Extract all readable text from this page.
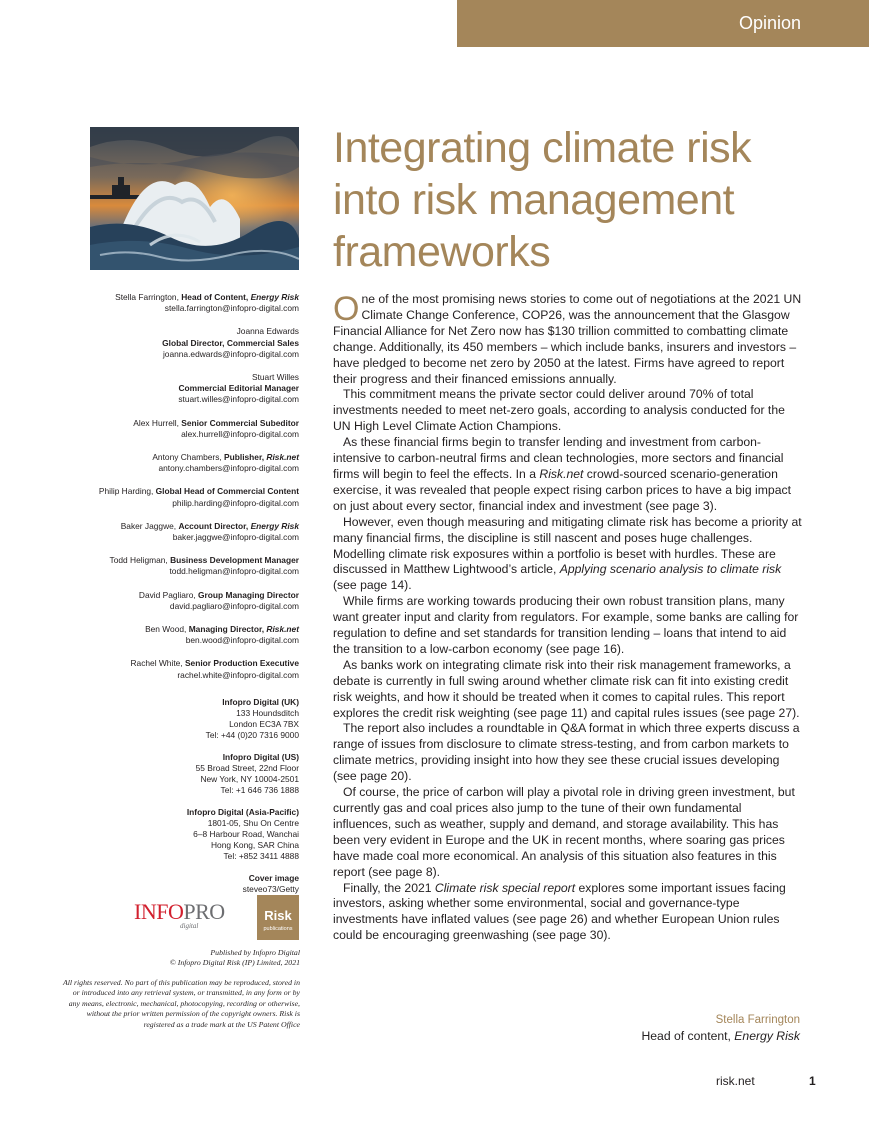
Opinion
Integrating climate risk
into risk management
frameworks
Stella Farrington, Head of Content, Energy Risk
stella.farrington@infopro-digital.com
Joanna Edwards
Global Director, Commercial Sales
joanna.edwards@infopro-digital.com
Stuart Willes
Commercial Editorial Manager
stuart.willes@infopro-digital.com
Alex Hurrell, Senior Commercial Subeditor
alex.hurrell@infopro-digital.com
Antony Chambers, Publisher, Risk.net
antony.chambers@infopro-digital.com
Philip Harding, Global Head of Commercial Content
philip.harding@infopro-digital.com
Baker Jaggwe, Account Director, Energy Risk
baker.jaggwe@infopro-digital.com
Todd Heligman, Business Development Manager
todd.heligman@infopro-digital.com
David Pagliaro, Group Managing Director
david.pagliaro@infopro-digital.com
Ben Wood, Managing Director, Risk.net
ben.wood@infopro-digital.com
Rachel White, Senior Production Executive
rachel.white@infopro-digital.com
Infopro Digital (UK)
133 Houndsditch
London EC3A 7BX
Tel: +44 (0)20 7316 9000
Infopro Digital (US)
55 Broad Street, 22nd Floor
New York, NY 10004-2501
Tel: +1 646 736 1888
Infopro Digital (Asia-Pacific)
1801-05, Shu On Centre
6–8 Harbour Road, Wanchai
Hong Kong, SAR China
Tel: +852 3411 4888
Cover image
steveo73/Getty
INFOPRO
digital
Risk
publications
Published by Infopro Digital
© Infopro Digital Risk (IP) Limited, 2021
All rights reserved. No part of this publication may be reproduced, stored in or introduced into any retrieval system, or transmitted, in any form or by any means, electronic, mechanical, photocopying, recording or otherwise, without the prior written permission of the copyright owners. Risk is registered as a trade mark at the US Patent Office

One of the most promising news stories to come out of negotiations at the 2021 UN Climate Change Conference, COP26, was the announcement that the Glasgow Financial Alliance for Net Zero now has $130 trillion committed to combatting climate change. Additionally, its 450 members – which include banks, insurers and investors – have pledged to become net zero by 2050 at the latest. Firms have agreed to report their progress and their financed emissions annually.

This commitment means the private sector could deliver around 70% of total investments needed to meet net-zero goals, according to analysis conducted for the UN High Level Climate Action Champions.

As these financial firms begin to transfer lending and investment from carbon-intensive to carbon-neutral firms and clean technologies, more sectors and financial firms will begin to feel the effects. In a Risk.net crowd-sourced scenario-generation exercise, it was revealed that people expect rising carbon prices to have a big impact on just about every sector, financial index and investment (see page 3).

However, even though measuring and mitigating climate risk has become a priority at many financial firms, the discipline is still nascent and poses huge challenges. Modelling climate risk exposures within a portfolio is beset with hurdles. These are discussed in Matthew Lightwood’s article, Applying scenario analysis to climate risk (see page 14).

While firms are working towards producing their own robust transition plans, many want greater input and clarity from regulators. For example, some banks are calling for regulation to define and set standards for transition lending – loans that intend to aid the transition to a low-carbon economy (see page 16).

As banks work on integrating climate risk into their risk management frameworks, a debate is currently in full swing around whether climate risk can fit into existing credit risk weights, and how it should be treated when it comes to capital rules. This report explores the credit risk weighting (see page 11) and capital rules issues (see page 27).

The report also includes a roundtable in Q&A format in which three experts discuss a range of issues from disclosure to climate stress-testing, and from carbon markets to climate metrics, providing insight into how they see these crucial issues developing (see page 20).

Of course, the price of carbon will play a pivotal role in driving green investment, but currently gas and coal prices also jump to the tune of their own fundamental influences, such as weather, supply and demand, and storage availability. This has been very evident in Europe and the UK in recent months, where soaring gas prices have made coal more economical. An analysis of this situation also features in this report (see page 8).

Finally, the 2021 Climate risk special report explores some important issues facing investors, asking whether some environmental, social and governance-type investments have inflated values (see page 26) and whether European Union rules could be encouraging greenwashing (see page 30).

Stella Farrington
Head of content, Energy Risk
risk.net	1
